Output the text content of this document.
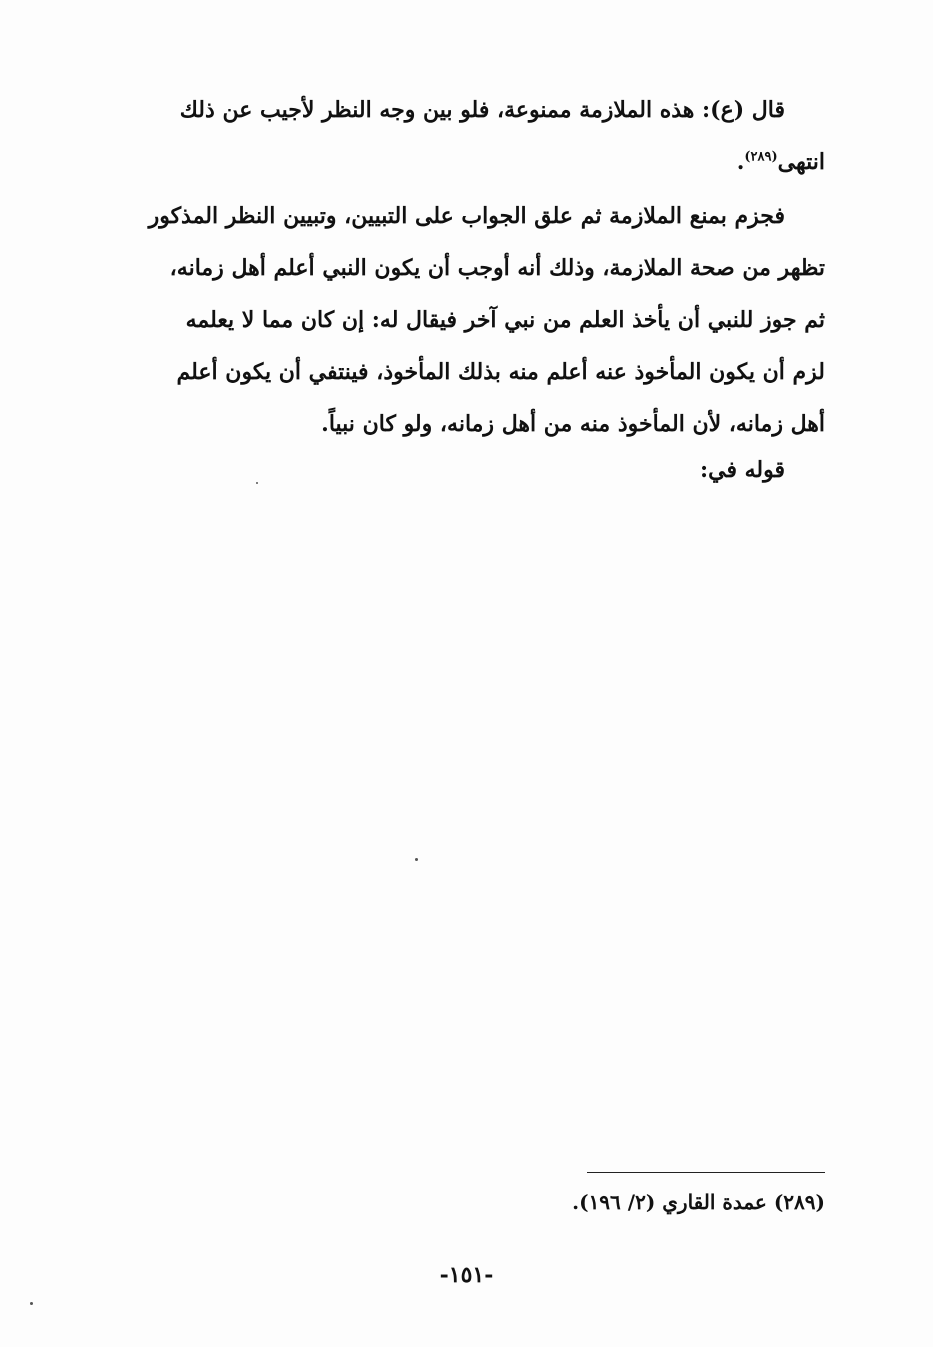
قال (ع): هذه الملازمة ممنوعة، فلو بين وجه النظر لأجيب عن ذلك
انتهى$^{(٢٨٩)}$.
فجزم بمنع الملازمة ثم علق الجواب على التبيين، وتبيين النظر المذكور
تظهر من صحة الملازمة، وذلك أنه أوجب أن يكون النبي أعلم أهل زمانه،
ثم جوز للنبي أن يأخذ العلم من نبي آخر فيقال له: إن كان مما لا يعلمه
لزم أن يكون المأخوذ عنه أعلم منه بذلك المأخوذ، فينتفي أن يكون أعلم
أهل زمانه، لأن المأخوذ منه من أهل زمانه، ولو كان نبياً.
قوله في:
(٢٨٩) عمدة القاري (٢/ ١٩٦).
-١٥١-
